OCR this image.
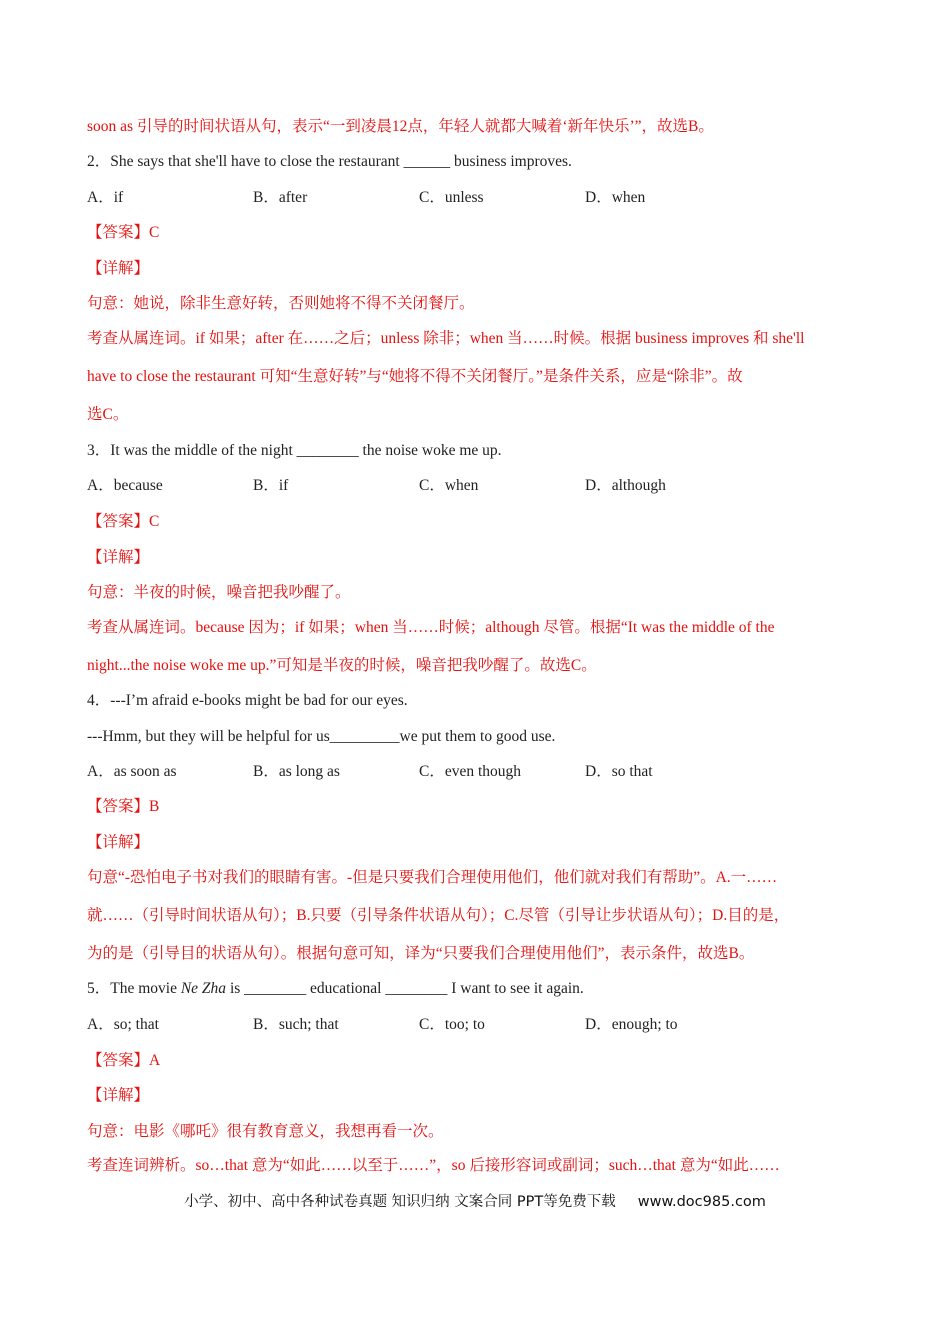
soon as 引导的时间状语从句，表示“一到凌晨12点，年轻人就都大喊着‘新年快乐’”，故选B。
2．She says that she'll have to close the restaurant ______ business improves.
A．if	B．after	C．unless	D．when
【答案】C
【详解】
句意：她说，除非生意好转，否则她将不得不关闭餐厅。
考查从属连词。if 如果；after 在……之后；unless 除非；when 当……时候。根据 business improves 和 she'll
have to close the restaurant 可知“生意好转”与“她将不得不关闭餐厅。”是条件关系，应是“除非”。故
选C。
3．It was the middle of the night ________ the noise woke me up.
A．because	B．if	C．when	D．although
【答案】C
【详解】
句意：半夜的时候，噪音把我吵醒了。
考查从属连词。because 因为；if 如果；when 当……时候；although 尽管。根据“It was the middle of the
night...the noise woke me up.”可知是半夜的时候，噪音把我吵醒了。故选C。
4．---I’m afraid e-books might be bad for our eyes.
---Hmm, but they will be helpful for us_________we put them to good use.
A．as soon as	B．as long as	C．even though	D．so that
【答案】B
【详解】
句意“-恐怕电子书对我们的眼睛有害。-但是只要我们合理使用他们，他们就对我们有帮助”。A.一……
就……（引导时间状语从句）；B.只要（引导条件状语从句）；C.尽管（引导让步状语从句）；D.目的是，
为的是（引导目的状语从句）。根据句意可知，译为“只要我们合理使用他们”，表示条件，故选B。
5．The movie Ne Zha is ________ educational ________ I want to see it again.
A．so; that	B．such; that	C．too; to	D．enough; to
【答案】A
【详解】
句意：电影《哪吒》很有教育意义，我想再看一次。
考查连词辨析。so…that 意为“如此……以至于……”，so 后接形容词或副词；such…that 意为“如此……
小学、初中、高中各种试卷真题 知识归纳 文案合同 PPT等免费下载 www.doc985.com
